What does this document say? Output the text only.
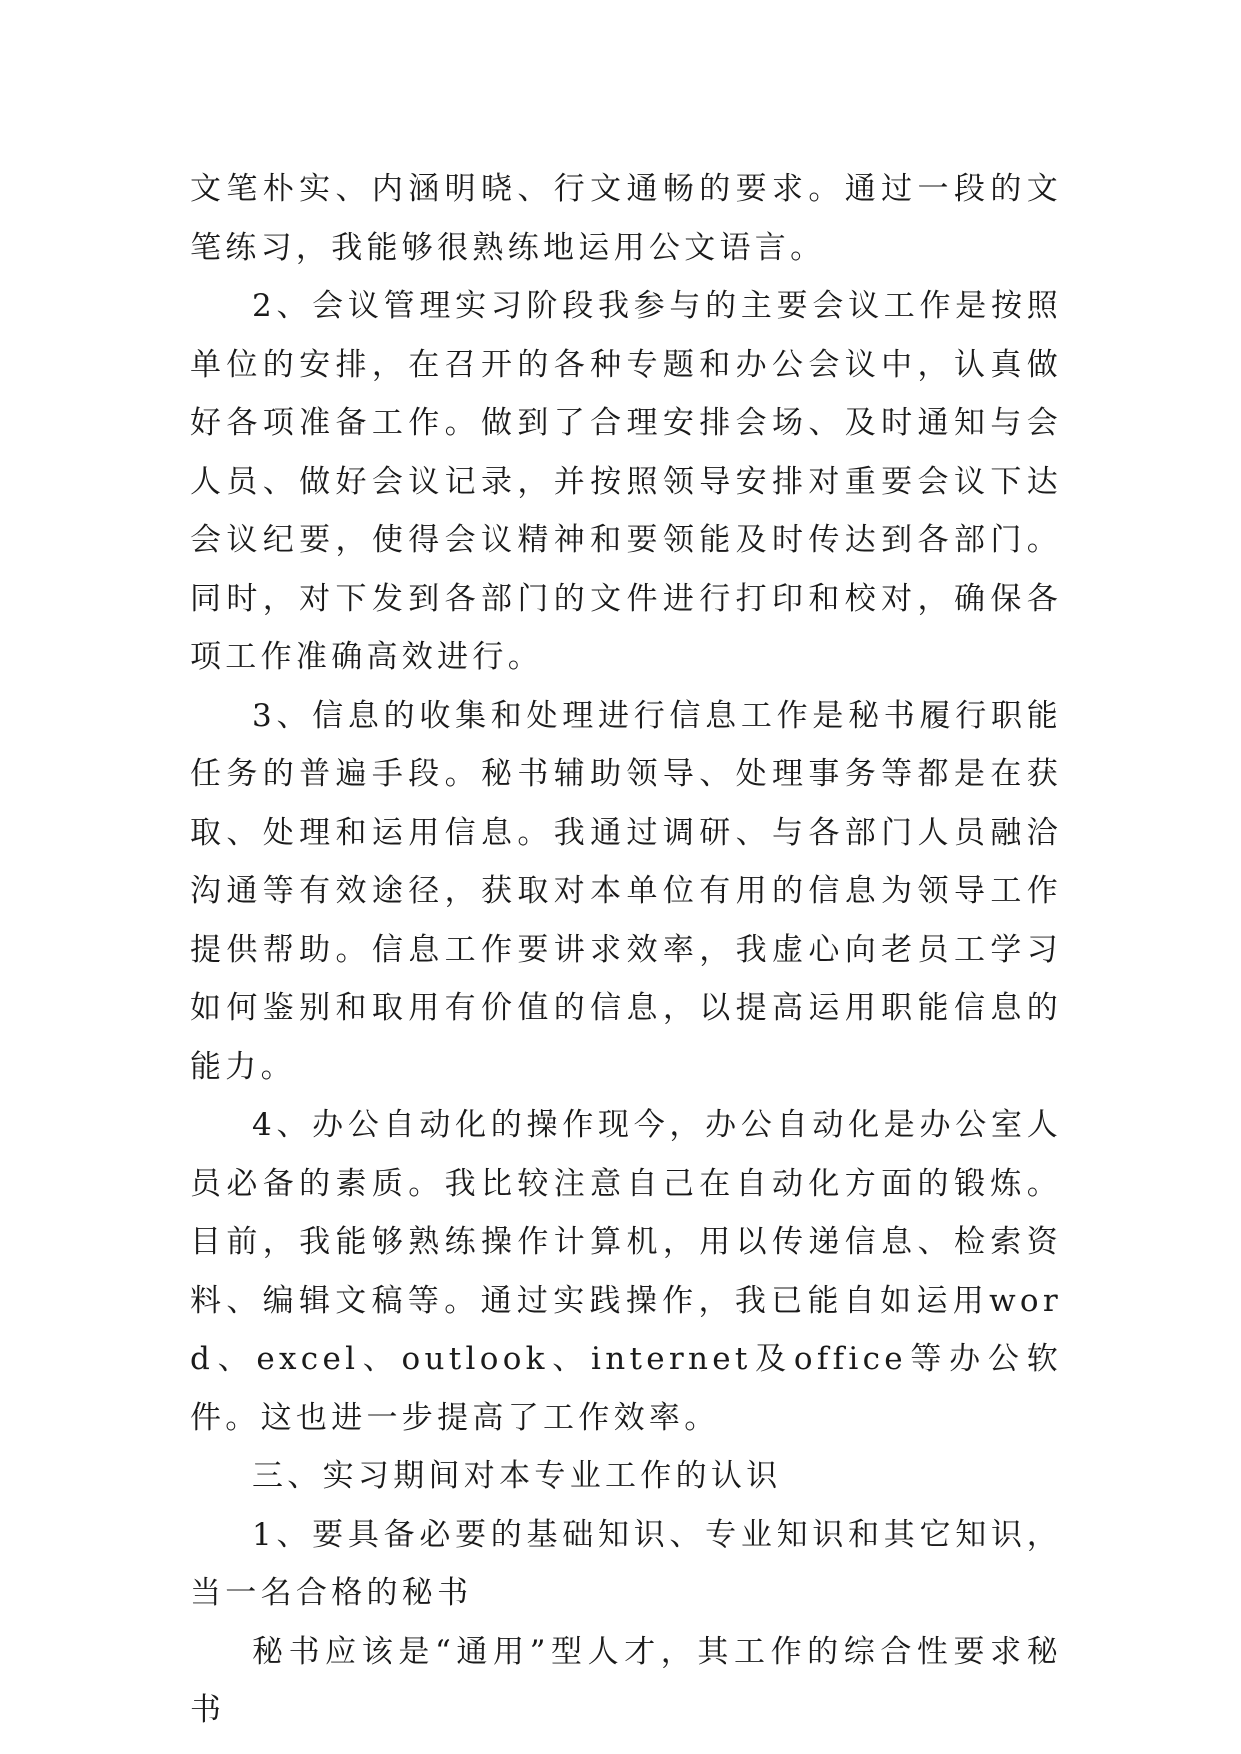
文笔朴实、内涵明晓、行文通畅的要求。通过一段的文笔练习，我能够很熟练地运用公文语言。

2、会议管理实习阶段我参与的主要会议工作是按照单位的安排，在召开的各种专题和办公会议中，认真做好各项准备工作。做到了合理安排会场、及时通知与会人员、做好会议记录，并按照领导安排对重要会议下达会议纪要，使得会议精神和要领能及时传达到各部门。同时，对下发到各部门的文件进行打印和校对，确保各项工作准确高效进行。

3、信息的收集和处理进行信息工作是秘书履行职能任务的普遍手段。秘书辅助领导、处理事务等都是在获取、处理和运用信息。我通过调研、与各部门人员融洽沟通等有效途径，获取对本单位有用的信息为领导工作提供帮助。信息工作要讲求效率，我虚心向老员工学习如何鉴别和取用有价值的信息，以提高运用职能信息的能力。

4、办公自动化的操作现今，办公自动化是办公室人员必备的素质。我比较注意自己在自动化方面的锻炼。目前，我能够熟练操作计算机，用以传递信息、检索资料、编辑文稿等。通过实践操作，我已能自如运用word、excel、outlook、internet及office等办公软件。这也进一步提高了工作效率。

三、实习期间对本专业工作的认识

1、要具备必要的基础知识、专业知识和其它知识，当一名合格的秘书

秘书应该是“通用”型人才，其工作的综合性要求秘书
